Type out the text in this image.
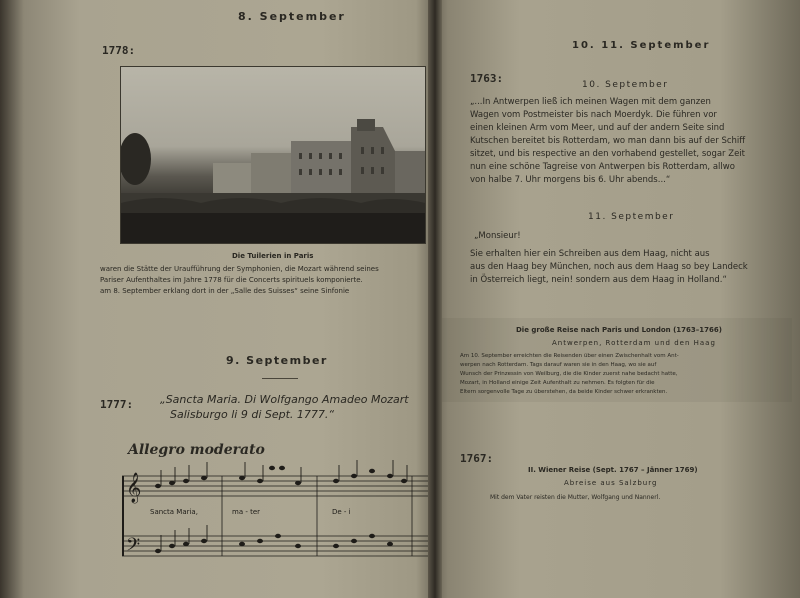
8. September
1778:
Die Tuilerien in Paris
waren die Stätte der Uraufführung der Symphonien, die Mozart während seines
Pariser Aufenthaltes im Jahre 1778 für die Concerts spirituels komponierte.
am 8. September erklang dort in der „Salle des Suisses“ seine Sinfonie
9. September
1777: „Sancta Maria. Di Wolfgango Amadeo Mozart
Salisburgo li 9 di Sept. 1777.“
Allegro moderato
𝄞
𝄢
Sancta Maria,	ma - ter	De - i
10. 11. September
1763:	10. September
„...In Antwerpen ließ ich meinen Wagen mit dem ganzen
Wagen vom Postmeister bis nach Moerdyk. Die führen vor
einen kleinen Arm vom Meer, und auf der andern Seite sind
Kutschen bereitet bis Rotterdam, wo man dann bis auf der Schiff
sitzet, und bis respective an den vorhabend gestellet, sogar Zeit
nun eine schöne Tagreise von Antwerpen bis Rotterdam, allwo
von halbe 7. Uhr morgens bis 6. Uhr abends...“
11. September
„Monsieur!
Sie erhalten hier ein Schreiben aus dem Haag, nicht aus
aus den Haag bey München, noch aus dem Haag so bey Landeck
in Österreich liegt, nein! sondern aus dem Haag in Holland.“
Die große Reise nach Paris und London (1763–1766)
Antwerpen, Rotterdam und den Haag
Am 10. September erreichten die Reisenden über einen Zwischenhalt vom Ant-
werpen nach Rotterdam. Tags darauf waren sie in den Haag, wo sie auf
Wunsch der Prinzessin von Weilburg, die die Kinder zuerst nahe bedacht hatte,
Mozart, in Holland einige Zeit Aufenthalt zu nehmen. Es folgten für die
Eltern sorgenvolle Tage zu überstehen, da beide Kinder schwer erkrankten.
1767:
II. Wiener Reise (Sept. 1767 – Jänner 1769)
Abreise aus Salzburg
Mit dem Vater reisten die Mutter, Wolfgang und Nannerl.
